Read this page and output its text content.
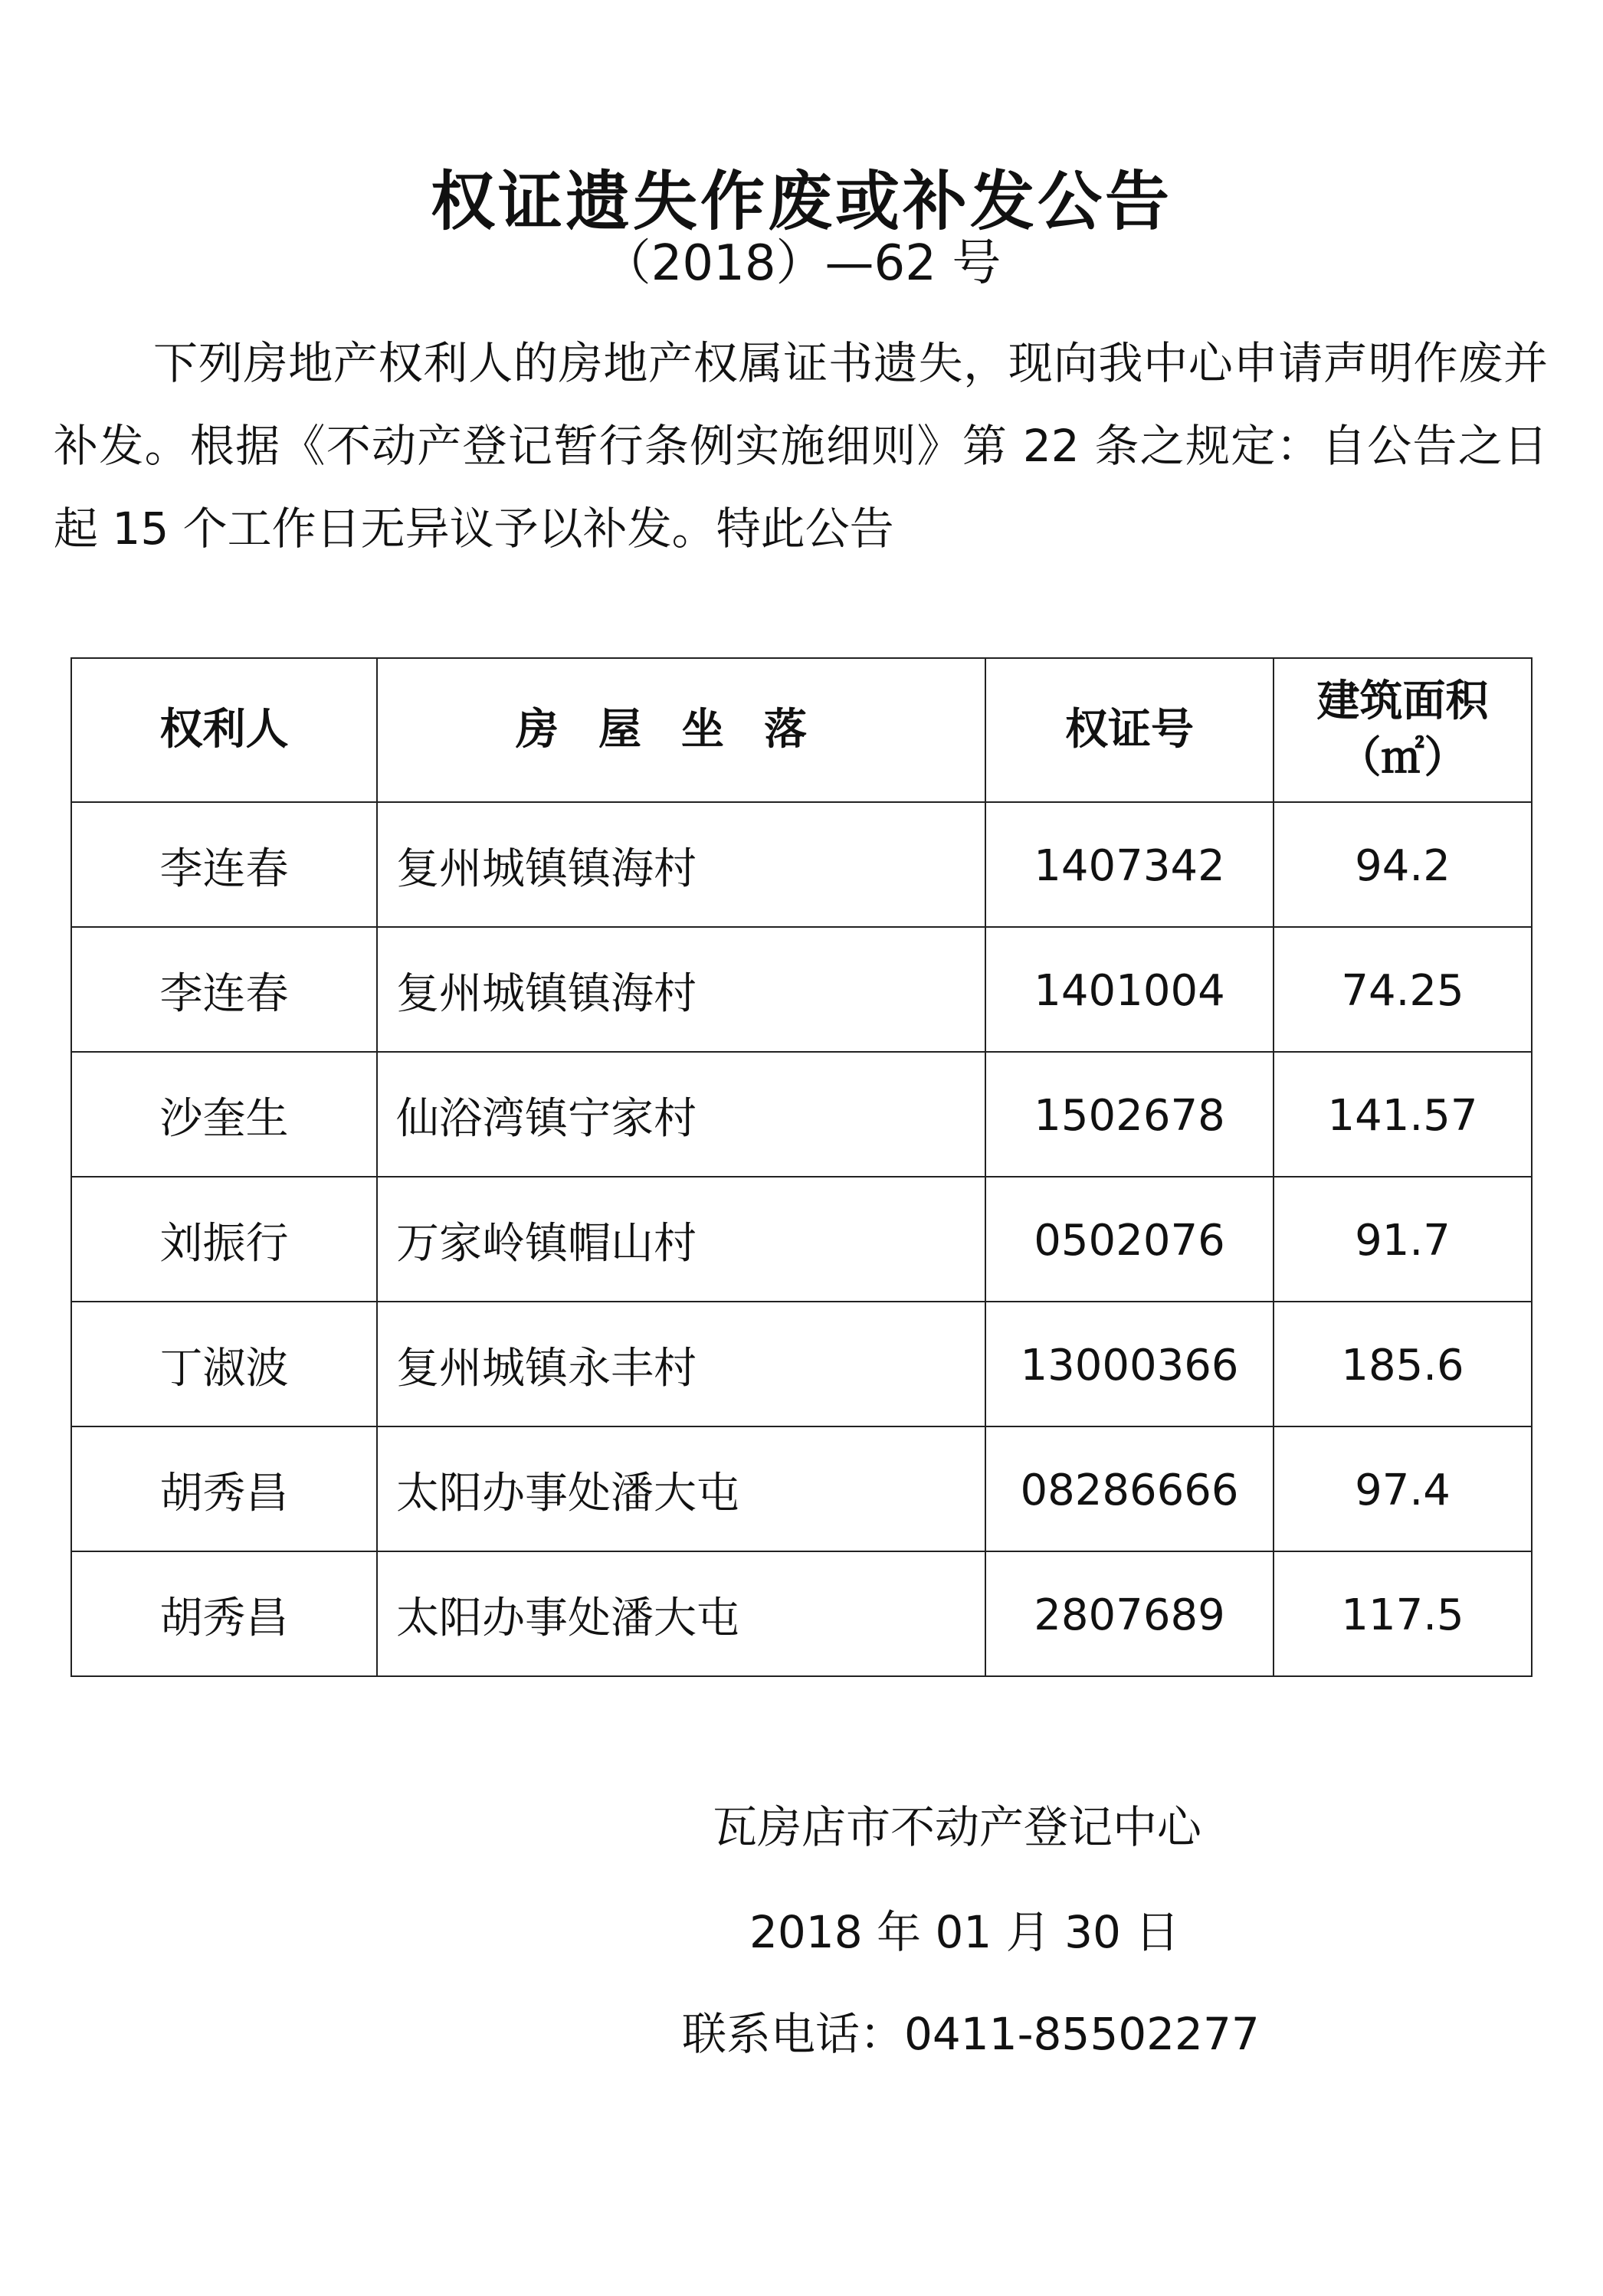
权证遗失作废或补发公告
（2018）—62 号

下列房地产权利人的房地产权属证书遗失，现向我中心申请声明作废并补发。根据《不动产登记暂行条例实施细则》第 22 条之规定：自公告之日起 15 个工作日无异议予以补发。特此公告

权利人	房屋坐落	权证号	建筑面积
（㎡）

李连春	复州城镇镇海村	1407342	94.2
李连春	复州城镇镇海村	1401004	74.25
沙奎生	仙浴湾镇宁家村	1502678	141.57
刘振行	万家岭镇帽山村	0502076	91.7
丁淑波	复州城镇永丰村	13000366	185.6
胡秀昌	太阳办事处潘大屯	08286666	97.4
胡秀昌	太阳办事处潘大屯	2807689	117.5
瓦房店市不动产登记中心
2018 年 01 月 30 日
联系电话：0411-85502277
